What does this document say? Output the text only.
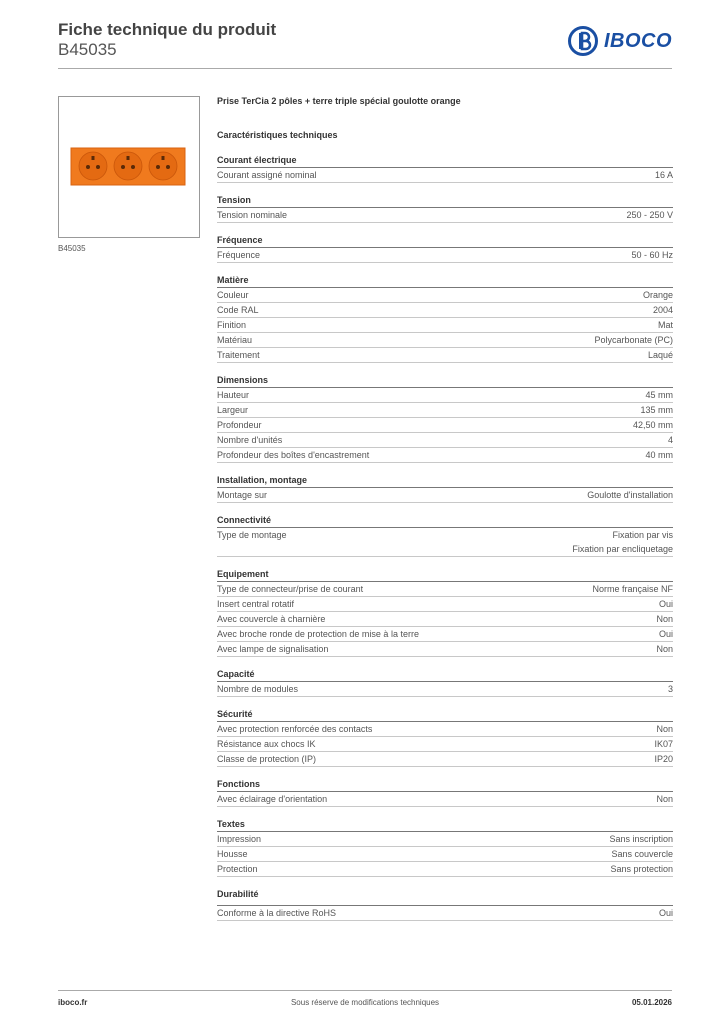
Fiche technique du produit
B45035	IBOCO
B45035
Prise TerCia 2 pôles + terre triple spécial goulotte orange
Caractéristiques techniques
Courant électrique
Courant assigné nominal	16 A
Tension
Tension nominale	250 - 250 V
Fréquence
Fréquence	50 - 60 Hz
Matière
Couleur	Orange
Code RAL	2004
Finition	Mat
Matériau	Polycarbonate (PC)
Traitement	Laqué
Dimensions
Hauteur	45 mm
Largeur	135 mm
Profondeur	42,50 mm
Nombre d'unités	4
Profondeur des boîtes d'encastrement	40 mm
Installation, montage
Montage sur	Goulotte d'installation
Connectivité
Type de montage	Fixation par vis
Fixation par encliquetage
Equipement
Type de connecteur/prise de courant	Norme française NF
Insert central rotatif	Oui
Avec couvercle à charnière	Non
Avec broche ronde de protection de mise à la terre	Oui
Avec lampe de signalisation	Non
Capacité
Nombre de modules	3
Sécurité
Avec protection renforcée des contacts	Non
Résistance aux chocs IK	IK07
Classe de protection (IP)	IP20
Fonctions
Avec éclairage d'orientation	Non
Textes
Impression	Sans inscription
Housse	Sans couvercle
Protection	Sans protection
Durabilité
Conforme à la directive RoHS	Oui
iboco.fr	Sous réserve de modifications techniques	05.01.2026
